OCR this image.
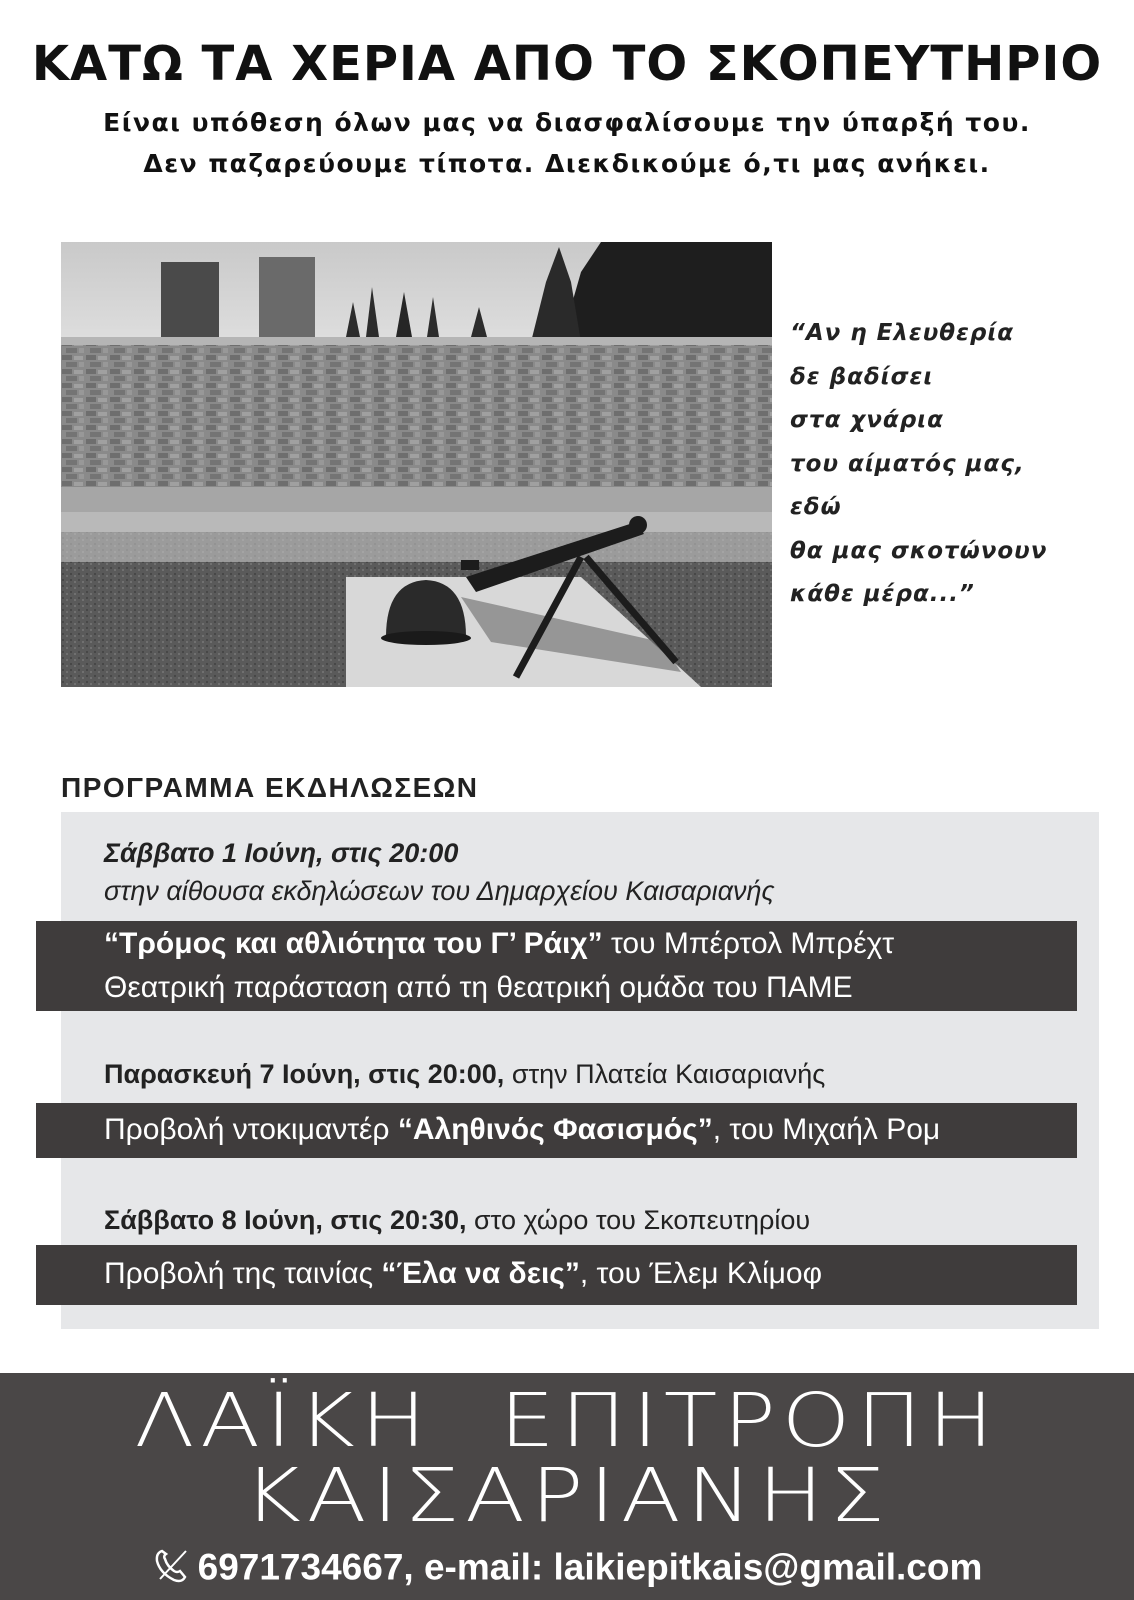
ΚΑΤΩ ΤΑ ΧΕΡΙΑ ΑΠΟ ΤΟ ΣΚΟΠΕΥΤΗΡΙΟ
Είναι υπόθεση όλων μας να διασφαλίσουμε την ύπαρξή του.
Δεν παζαρεύουμε τίποτα. Διεκδικούμε ό,τι μας ανήκει.
“Αν η Ελευθερία
δε βαδίσει
στα χνάρια
του αίματός μας,
εδώ
θα μας σκοτώνουν
κάθε μέρα...”
ΠΡΟΓΡΑΜΜΑ ΕΚΔΗΛΩΣΕΩΝ
Σάββατο 1 Ιούνη, στις 20:00
στην αίθουσα εκδηλώσεων του Δημαρχείου Καισαριανής
“Τρόμος και αθλιότητα του Γ’ Ράιχ” του Μπέρτολ Μπρέχτ
Θεατρική παράσταση από τη θεατρική ομάδα του ΠΑΜΕ
Παρασκευή 7 Ιούνη, στις 20:00, στην Πλατεία Καισαριανής
Προβολή ντοκιμαντέρ “Αληθινός Φασισμός”, του Μιχαήλ Ρομ
Σάββατο 8 Ιούνη, στις 20:30, στο χώρο του Σκοπευτηρίου
Προβολή της ταινίας “Έλα να δεις”, του Έλεμ Κλίμοφ
ΛΑΪΚΗ  ΕΠΙΤΡΟΠΗ
ΚΑΙΣΑΡΙΑΝΗΣ
6971734667, e-mail: laikiepitkais@gmail.com
